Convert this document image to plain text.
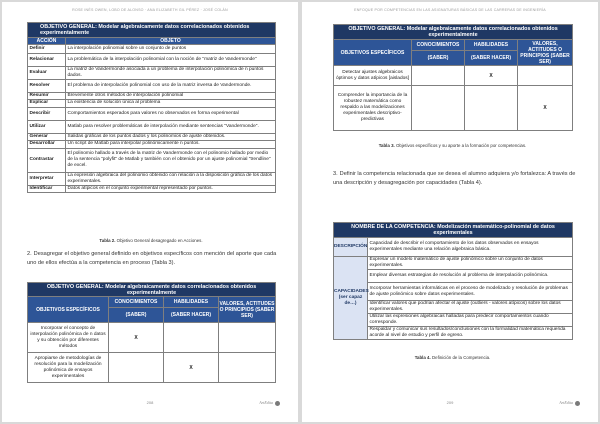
ROSE INÉS OWEN, LOBO DE ALONSO · ANA ELIZABETH GIL PÉREZ · JOSÉ COLÁN
OBJETIVO GENERAL: Modelar algebraicamente datos correlacionados obtenidos experimentalmente	
ACCIÓN	OBJETO
Definir	La interpolación polinomial sobre un conjunto de puntos
Relacionar	La problemática de la interpolación polinomial con la noción de "matriz de Vandermonde"
Evaluar	La matriz de Vandermonde asociada a un problema de interpolación polinómica de n puntos dados.
Resolver	El problema de interpolación polinomial con uso de la matriz inversa de Vandermonde.
Resumir	Brevemente otros métodos de interpolación polinomial
Explicar	La existencia de solución única al problema
Describir	Comportamientos esperados para valores no observados en forma experimental
Utilizar	Matlab para resolver problemáticas de interpolación mediante sentencias "Vandermonde".
Generar	Salidas gráficas de los puntos dados y los polinomios de ajuste obtenidos.
Desarrollar	Un script de Matlab para interpolar polinómicamente n puntos.
Contrastar	El polinomio hallado a través de la matriz de Vandermonde con el polinomio hallado por medio de la sentencia "polyfit" de Matlab y también con el obtenido por un ajuste polinomial "trendline" de excel.
Interpretar	La expresión algebraica del polinomio obtenido con relación a la disposición gráfica de los datos experimentales.
Identificar	Datos atípicos en el conjunto experimental representado por puntos.
Tabla 2. Objetivo General desagregado en Acciones.
2. Desagregar el objetivo general definido en objetivos específicos con mención del aporte que cada uno de ellos efectúa a la competencia en proceso (Tabla 3).
OBJETIVO GENERAL: Modelar algebraicamente datos correlacionados obtenidos experimentalmente			
OBJETIVOS ESPECÍFICOS	CONOCIMIENTOS	HABILIDADES	VALORES, ACTITUDES O PRINCIPIOS (SABER SER)
	(SABER)	(SABER HACER)	
Incorporar el concepto de interpolación polinómica de n datos y su obtención por diferentes métodos	X		
Apropiarse de metodologías de resolución para la modelización polinómica de ensayos experimentales		X	
208	ArtEdita
ENFOQUE POR COMPETENCIAS EN LAS ASIGNATURAS BÁSICAS DE LAS CARRERAS DE INGENIERÍA
OBJETIVO GENERAL: Modelar algebraicamente datos correlacionados obtenidos experimentalmente			
OBJETIVOS ESPECÍFICOS	CONOCIMIENTOS	HABILIDADES	VALORES, ACTITUDES O PRINCIPIOS (SABER SER)
	(SABER)	(SABER HACER)	
Detectar ajustes algebraicos óptimos y datos atípicos [aislados]		X	
Comprender la importancia de la robustez matemática como respaldo a las modelizaciones experimentales descriptivo-predictivas			X
Tabla 3. Objetivos específicos y su aporte a la formación por competencias.
3. Definir la competencia relacionada que se desea el alumno adquiera y/o fortalezca: A través de una descripción y desagregación por capacidades (Tabla 4).
NOMBRE DE LA COMPETENCIA: Modelización matemático-polinomial de datos experimentales	
DESCRIPCIÓN	Capacidad de describir el comportamiento de los datos observados en ensayos experimentales mediante una relación algebraica básica.
CAPACIDADES (ser capaz de…)	Expresar un modelo matemático de ajuste polinómico sobre un conjunto de datos experimentales.
	Emplear diversas estrategias de resolución al problema de interpolación polinómica.
	Incorporar herramientas informáticas en el proceso de modelizado y resolución de problemas de ajuste polinómico sobre datos experimentales.
	Identificar valores que podrían afectar el ajuste (outliers - valores atípicos) sobre los datos experimentales.
	Utilizar las expresiones algebraicas halladas para predecir comportamientos cuando corresponde.
	Respaldar y comunicar sus resultados/conclusiones con la formalidad matemática requerida acorde al nivel de estudio y perfil de egreso.
Tabla 4. Definición de la Competencia.
209	ArtEdita
